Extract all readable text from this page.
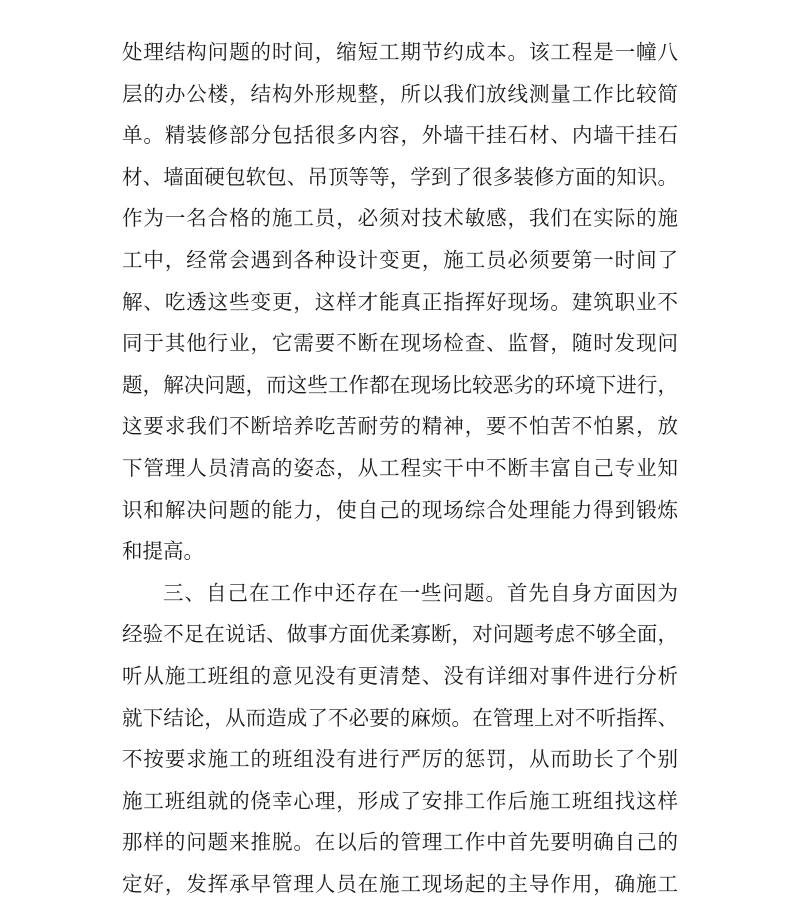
处理结构问题的时间，缩短工期节约成本。该工程是一幢八
层的办公楼，结构外形规整，所以我们放线测量工作比较简
单。精装修部分包括很多内容，外墙干挂石材、内墙干挂石
材、墙面硬包软包、吊顶等等，学到了很多装修方面的知识。
作为一名合格的施工员，必须对技术敏感，我们在实际的施
工中，经常会遇到各种设计变更，施工员必须要第一时间了
解、吃透这些变更，这样才能真正指挥好现场。建筑职业不
同于其他行业，它需要不断在现场检查、监督，随时发现问
题，解决问题，而这些工作都在现场比较恶劣的环境下进行，
这要求我们不断培养吃苦耐劳的精神，要不怕苦不怕累，放
下管理人员清高的姿态，从工程实干中不断丰富自己专业知
识和解决问题的能力，使自己的现场综合处理能力得到锻炼
和提高。
三、自己在工作中还存在一些问题。首先自身方面因为
经验不足在说话、做事方面优柔寡断，对问题考虑不够全面，
听从施工班组的意见没有更清楚、没有详细对事件进行分析
就下结论，从而造成了不必要的麻烦。在管理上对不听指挥、
不按要求施工的班组没有进行严厉的惩罚，从而助长了个别
施工班组就的侥幸心理，形成了安排工作后施工班组找这样
那样的问题来推脱。在以后的管理工作中首先要明确自己的
定好，发挥承早管理人员在施工现场起的主导作用，确施工
